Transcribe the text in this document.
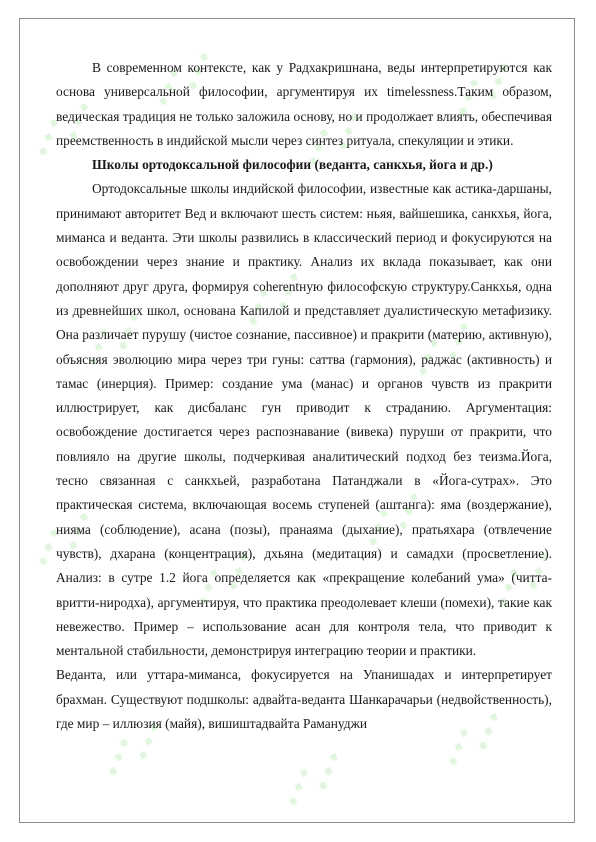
⋰⋰
⋰⋰
⋰⋰
⋰⋰
⋰⋰
⋰⋰
⋰⋰
⋰⋰
⋰⋰
⋰⋰
⋰⋰
⋰⋰	⋰⋰
⋰⋰

В современном контексте, как у Радхакришнана, веды интерпретируются как основа универсальной философии, аргументируя их timelessness.Таким образом, ведическая традиция не только заложила основу, но и продолжает влиять, обеспечивая преемственность в индийской мысли через синтез ритуала, спекуляции и этики.

Школы ортодоксальной философии (веданта, санкхья, йога и др.)

Ортодоксальные школы индийской философии, известные как астика-даршаны, принимают авторитет Вед и включают шесть систем: ньяя, вайшешика, санкхья, йога, миманса и веданта. Эти школы развились в классический период и фокусируются на освобождении через знание и практику. Анализ их вклада показывает, как они дополняют друг друга, формируя coherentную философскую структуру.Санкхья, одна из древнейших школ, основана Капилой и представляет дуалистическую метафизику. Она различает пурушу (чистое сознание, пассивное) и пракрити (материю, активную), объясняя эволюцию мира через три гуны: саттва (гармония), раджас (активность) и тамас (инерция). Пример: создание ума (манас) и органов чувств из пракрити иллюстрирует, как дисбаланс гун приводит к страданию. Аргументация: освобождение достигается через распознавание (вивека) пуруши от пракрити, что повлияло на другие школы, подчеркивая аналитический подход без теизма.Йога, тесно связанная с санкхьей, разработана Патанджали в «Йога-сутрах». Это практическая система, включающая восемь ступеней (аштанга): яма (воздержание), нияма (соблюдение), асана (позы), пранаяма (дыхание), пратьяхара (отвлечение чувств), дхарана (концентрация), дхьяна (медитация) и самадхи (просветление). Анализ: в сутре 1.2 йога определяется как «прекращение колебаний ума» (читта-вритти-ниродха), аргументируя, что практика преодолевает клеши (помехи), такие как невежество. Пример – использование асан для контроля тела, что приводит к ментальной стабильности, демонстрируя интеграцию теории и практики.

Веданта, или уттара-миманса, фокусируется на Упанишадах и интерпретирует брахман. Существуют подшколы: адвайта-веданта Шанкарачарьи (недвойственность), где мир – иллюзия (майя), вишиштадвайта Рамануджи
